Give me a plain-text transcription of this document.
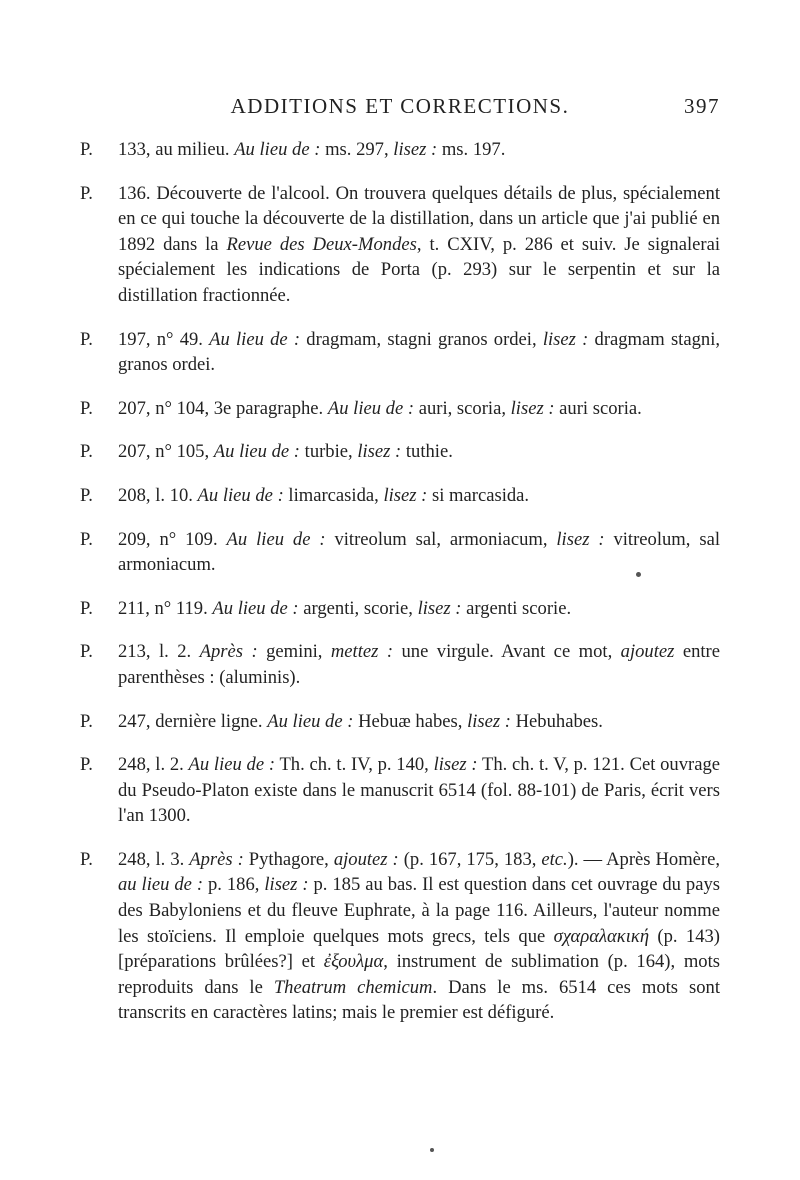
ADDITIONS ET CORRECTIONS.	397
P.	133, au milieu. Au lieu de : ms. 297, lisez : ms. 197.
P.	136. Découverte de l'alcool. On trouvera quelques détails de plus, spécialement en ce qui touche la découverte de la distillation, dans un article que j'ai publié en 1892 dans la Revue des Deux-Mondes, t. CXIV, p. 286 et suiv. Je signalerai spécialement les indications de Porta (p. 293) sur le serpentin et sur la distillation fractionnée.
P.	197, n° 49. Au lieu de : dragmam, stagni granos ordei, lisez : dragmam stagni, granos ordei.
P.	207, n° 104, 3e paragraphe. Au lieu de : auri, scoria, lisez : auri scoria.
P.	207, n° 105, Au lieu de : turbie, lisez : tuthie.
P.	208, l. 10. Au lieu de : limarcasida, lisez : si marcasida.
P.	209, n° 109. Au lieu de : vitreolum sal, armoniacum, lisez : vitreolum, sal armoniacum.
P.	211, n° 119. Au lieu de : argenti, scorie, lisez : argenti scorie.
P.	213, l. 2. Après : gemini, mettez : une virgule. Avant ce mot, ajoutez entre parenthèses : (aluminis).
P.	247, dernière ligne. Au lieu de : Hebuæ habes, lisez : Hebuhabes.
P.	248, l. 2. Au lieu de : Th. ch. t. IV, p. 140, lisez : Th. ch. t. V, p. 121. Cet ouvrage du Pseudo-Platon existe dans le manuscrit 6514 (fol. 88-101) de Paris, écrit vers l'an 1300.
P.	248, l. 3. Après : Pythagore, ajoutez : (p. 167, 175, 183, etc.). — Après Homère, au lieu de : p. 186, lisez : p. 185 au bas. Il est question dans cet ouvrage du pays des Babyloniens et du fleuve Euphrate, à la page 116. Ailleurs, l'auteur nomme les stoïciens. Il emploie quelques mots grecs, tels que σχαραλακική (p. 143) [préparations brûlées?] et ἐξουλμα, instrument de sublimation (p. 164), mots reproduits dans le Theatrum chemicum. Dans le ms. 6514 ces mots sont transcrits en caractères latins; mais le premier est défiguré.
